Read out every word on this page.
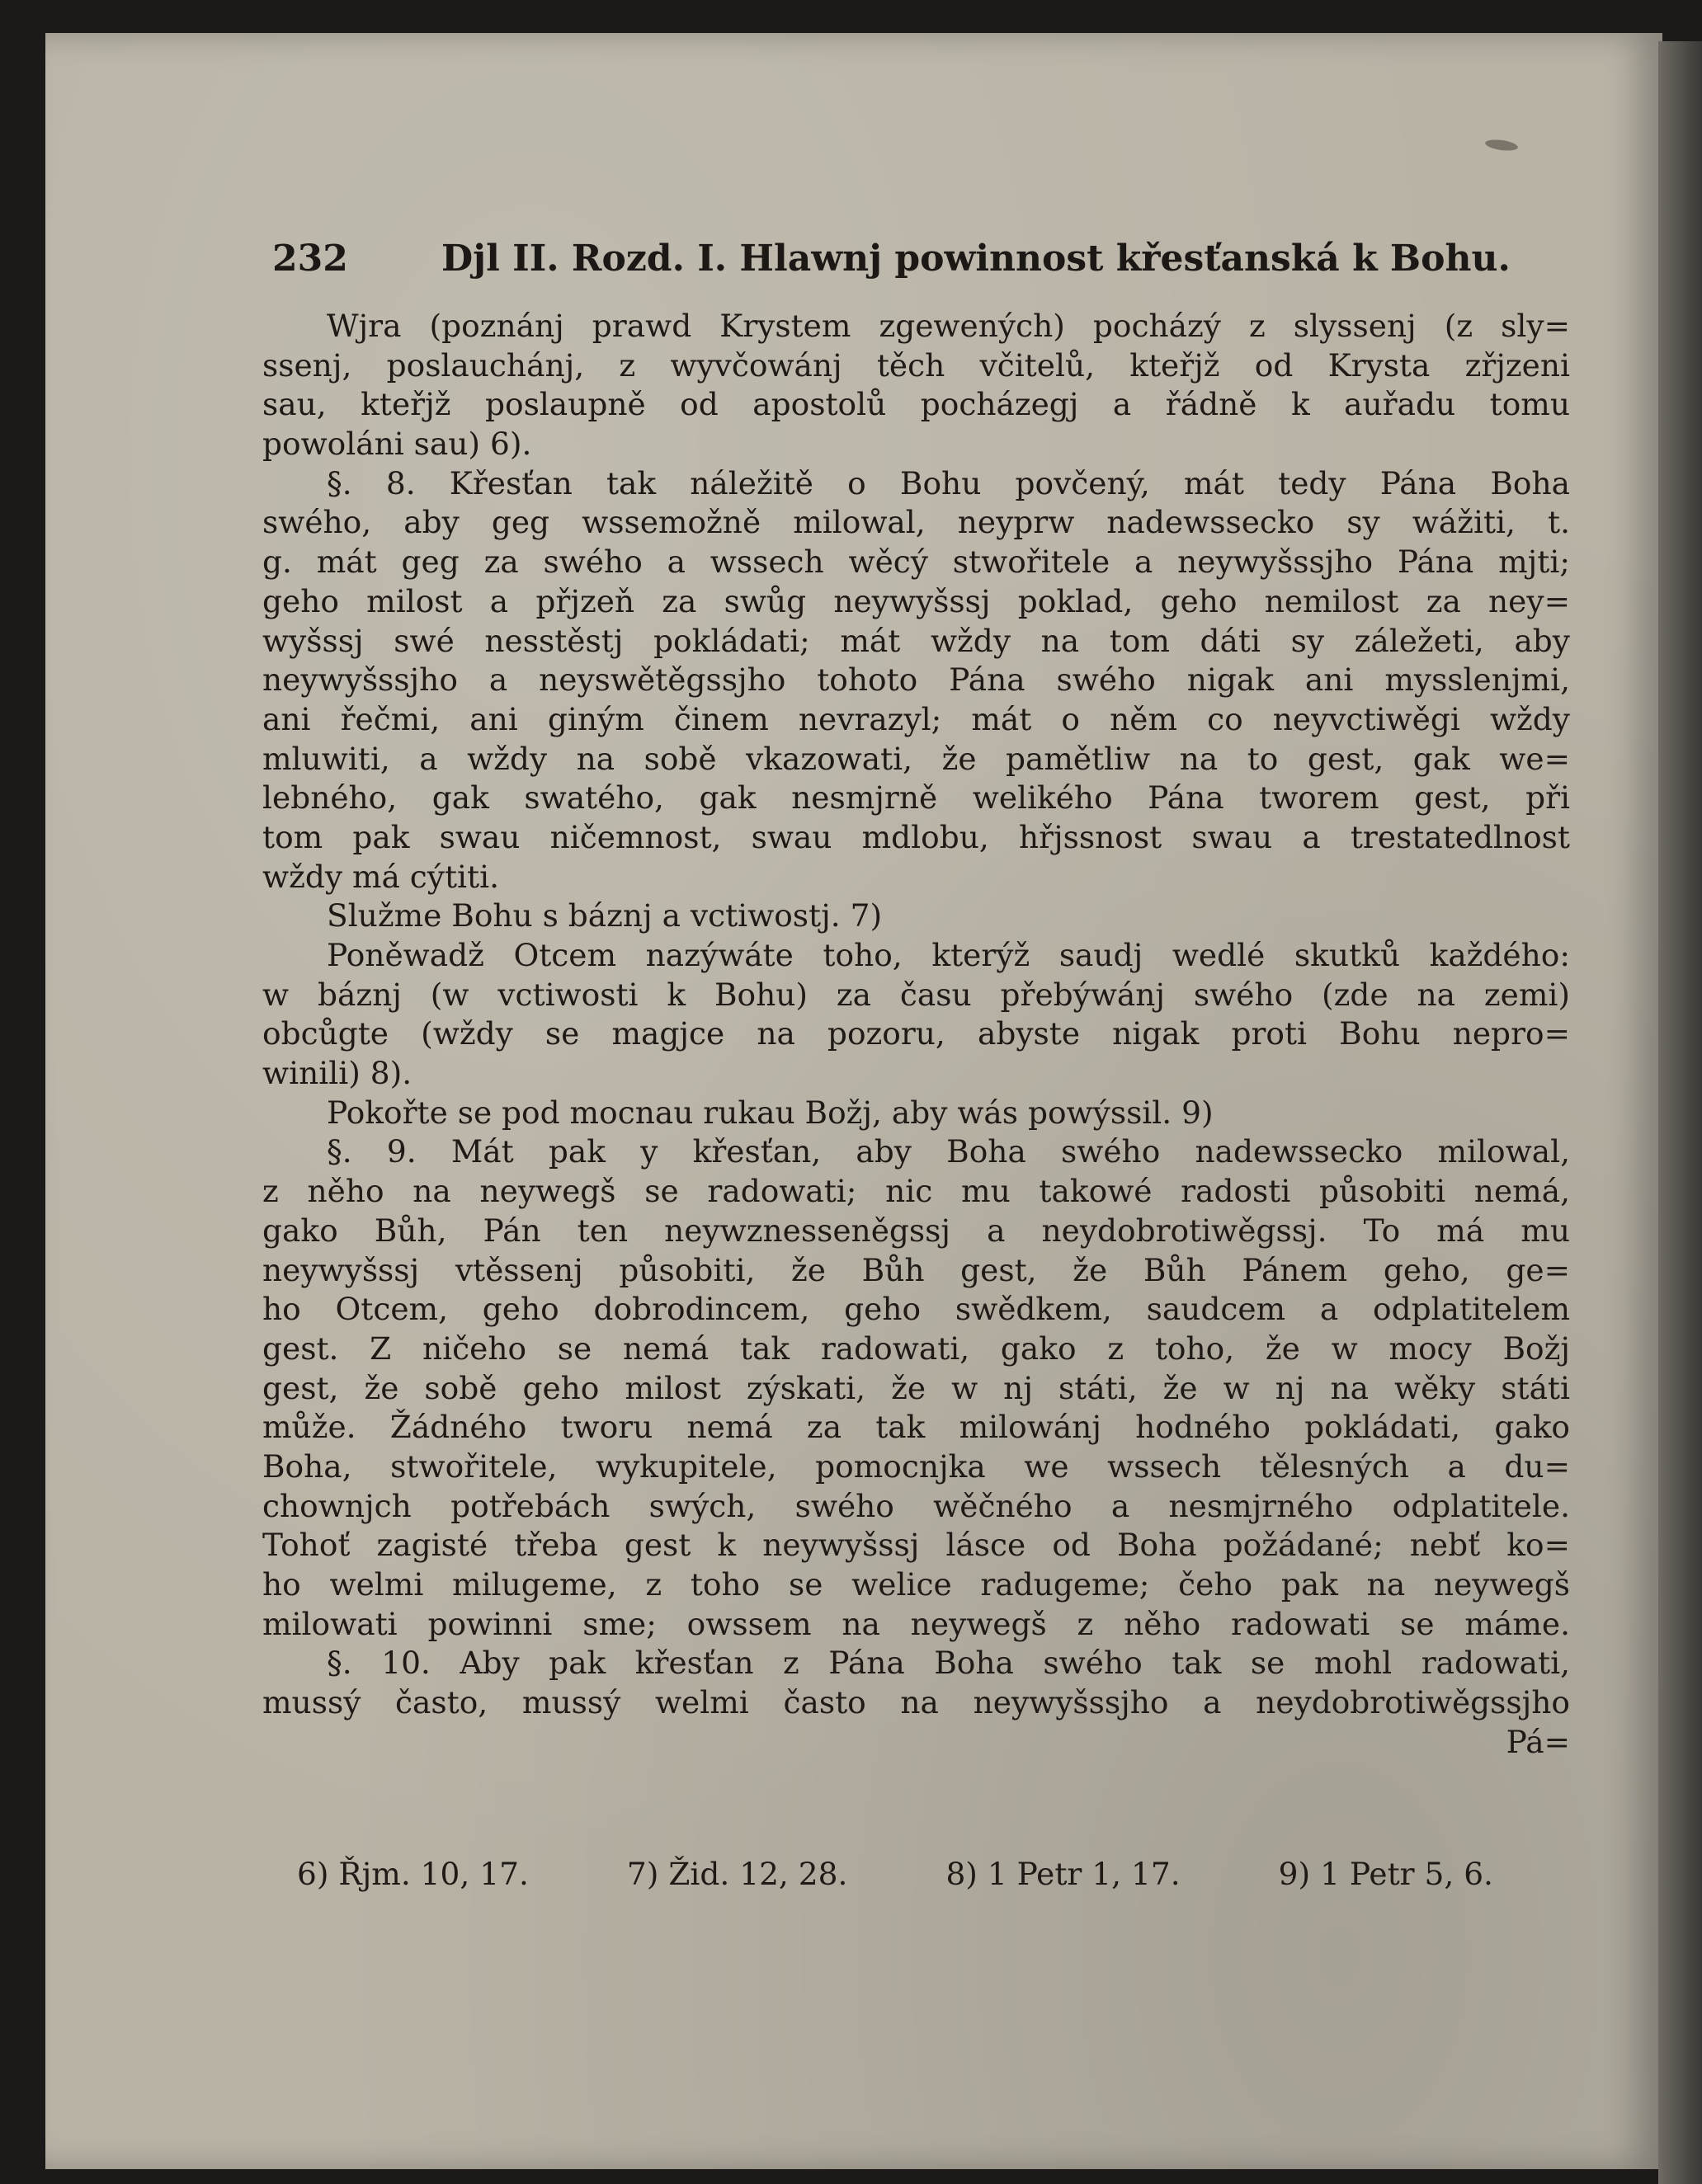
232	Djl II. Rozd. I. Hlawnj powinnost křesťanská k Bohu.
Wjra (poznánj prawd Krystem zgewených) pocházý z slyssenj (z sly=
ssenj, poslauchánj, z wyvčowánj těch včitelů, kteřjž od Krysta zřjzeni
sau, kteřjž poslaupně od apostolů pocházegj a řádně k auřadu tomu
powoláni sau) 6).
§. 8. Křesťan tak náležitě o Bohu povčený, mát tedy Pána Boha
swého, aby geg wssemožně milowal, neyprw nadewssecko sy wážiti, t.
g. mát geg za swého a wssech wěcý stwořitele a neywyšssjho Pána mjti;
geho milost a přjzeň za swůg neywyšssj poklad, geho nemilost za ney=
wyšssj swé nesstěstj pokládati; mát wždy na tom dáti sy záležeti, aby
neywyšssjho a neyswětěgssjho tohoto Pána swého nigak ani mysslenjmi,
ani řečmi, ani giným činem nevrazyl; mát o něm co neyvctiwěgi wždy
mluwiti, a wždy na sobě vkazowati, že pamětliw na to gest, gak we=
lebného, gak swatého, gak nesmjrně welikého Pána tworem gest, při
tom pak swau ničemnost, swau mdlobu, hřjssnost swau a trestatedlnost
wždy má cýtiti.
Služme Bohu s báznj a vctiwostj. 7)
Poněwadž Otcem nazýwáte toho, kterýž saudj wedlé skutků každého:
w báznj (w vctiwosti k Bohu) za času přebýwánj swého (zde na zemi)
obcůgte (wždy se magjce na pozoru, abyste nigak proti Bohu nepro=
winili) 8).
Pokořte se pod mocnau rukau Božj, aby wás powýssil. 9)
§. 9. Mát pak y křesťan, aby Boha swého nadewssecko milowal,
z něho na neywegš se radowati; nic mu takowé radosti působiti nemá,
gako Bůh, Pán ten neywznesseněgssj a neydobrotiwěgssj. To má mu
neywyšssj vtěssenj působiti, že Bůh gest, že Bůh Pánem geho, ge=
ho Otcem, geho dobrodincem, geho swědkem, saudcem a odplatitelem
gest. Z ničeho se nemá tak radowati, gako z toho, že w mocy Božj
gest, že sobě geho milost zýskati, že w nj státi, že w nj na wěky státi
může. Žádného tworu nemá za tak milowánj hodného pokládati, gako
Boha, stwořitele, wykupitele, pomocnjka we wssech tělesných a du=
chownjch potřebách swých, swého wěčného a nesmjrného odplatitele.
Tohoť zagisté třeba gest k neywyšssj lásce od Boha požádané; nebť ko=
ho welmi milugeme, z toho se welice radugeme; čeho pak na neywegš
milowati powinni sme; owssem na neywegš z něho radowati se máme.
§. 10. Aby pak křesťan z Pána Boha swého tak se mohl radowati,
mussý často, mussý welmi často na neywyšssjho a neydobrotiwěgssjho
Pá=
6) Řjm. 10, 17.	7) Žid. 12, 28.	8) 1 Petr 1, 17.	9) 1 Petr 5, 6.
